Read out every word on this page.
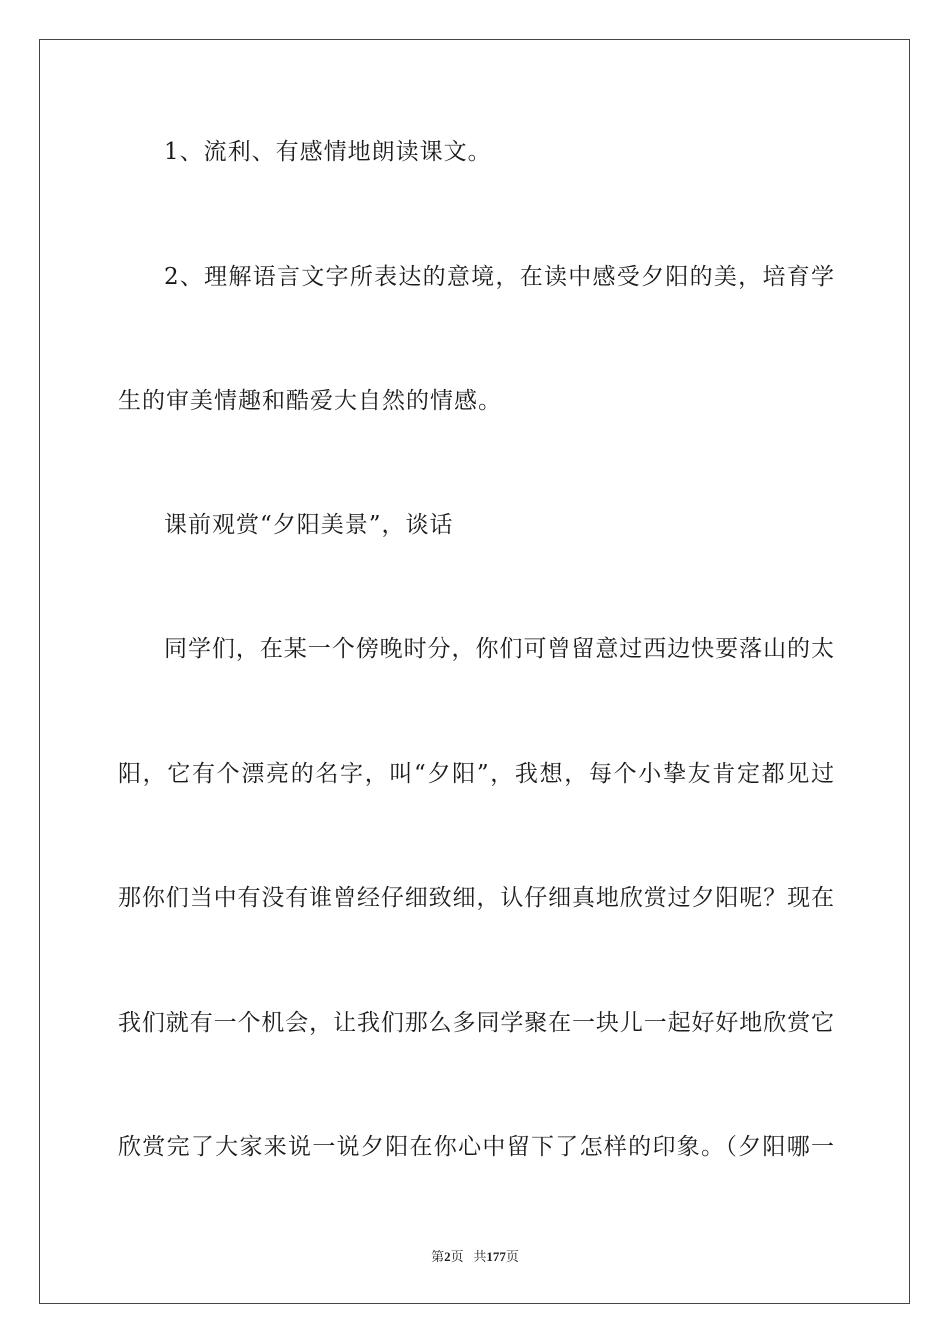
1、流利、有感情地朗读课文。
2、理解语言文字所表达的意境，在读中感受夕阳的美，培育学
生的审美情趣和酷爱大自然的情感。
课前观赏“夕阳美景”，谈话
同学们，在某一个傍晚时分，你们可曾留意过西边快要落山的太
阳，它有个漂亮的名字，叫“夕阳”，我想，每个小挚友肯定都见过
那你们当中有没有谁曾经仔细致细，认仔细真地欣赏过夕阳呢？现在
我们就有一个机会，让我们那么多同学聚在一块儿一起好好地欣赏它
欣赏完了大家来说一说夕阳在你心中留下了怎样的印象。（夕阳哪一
第2页 共177页
